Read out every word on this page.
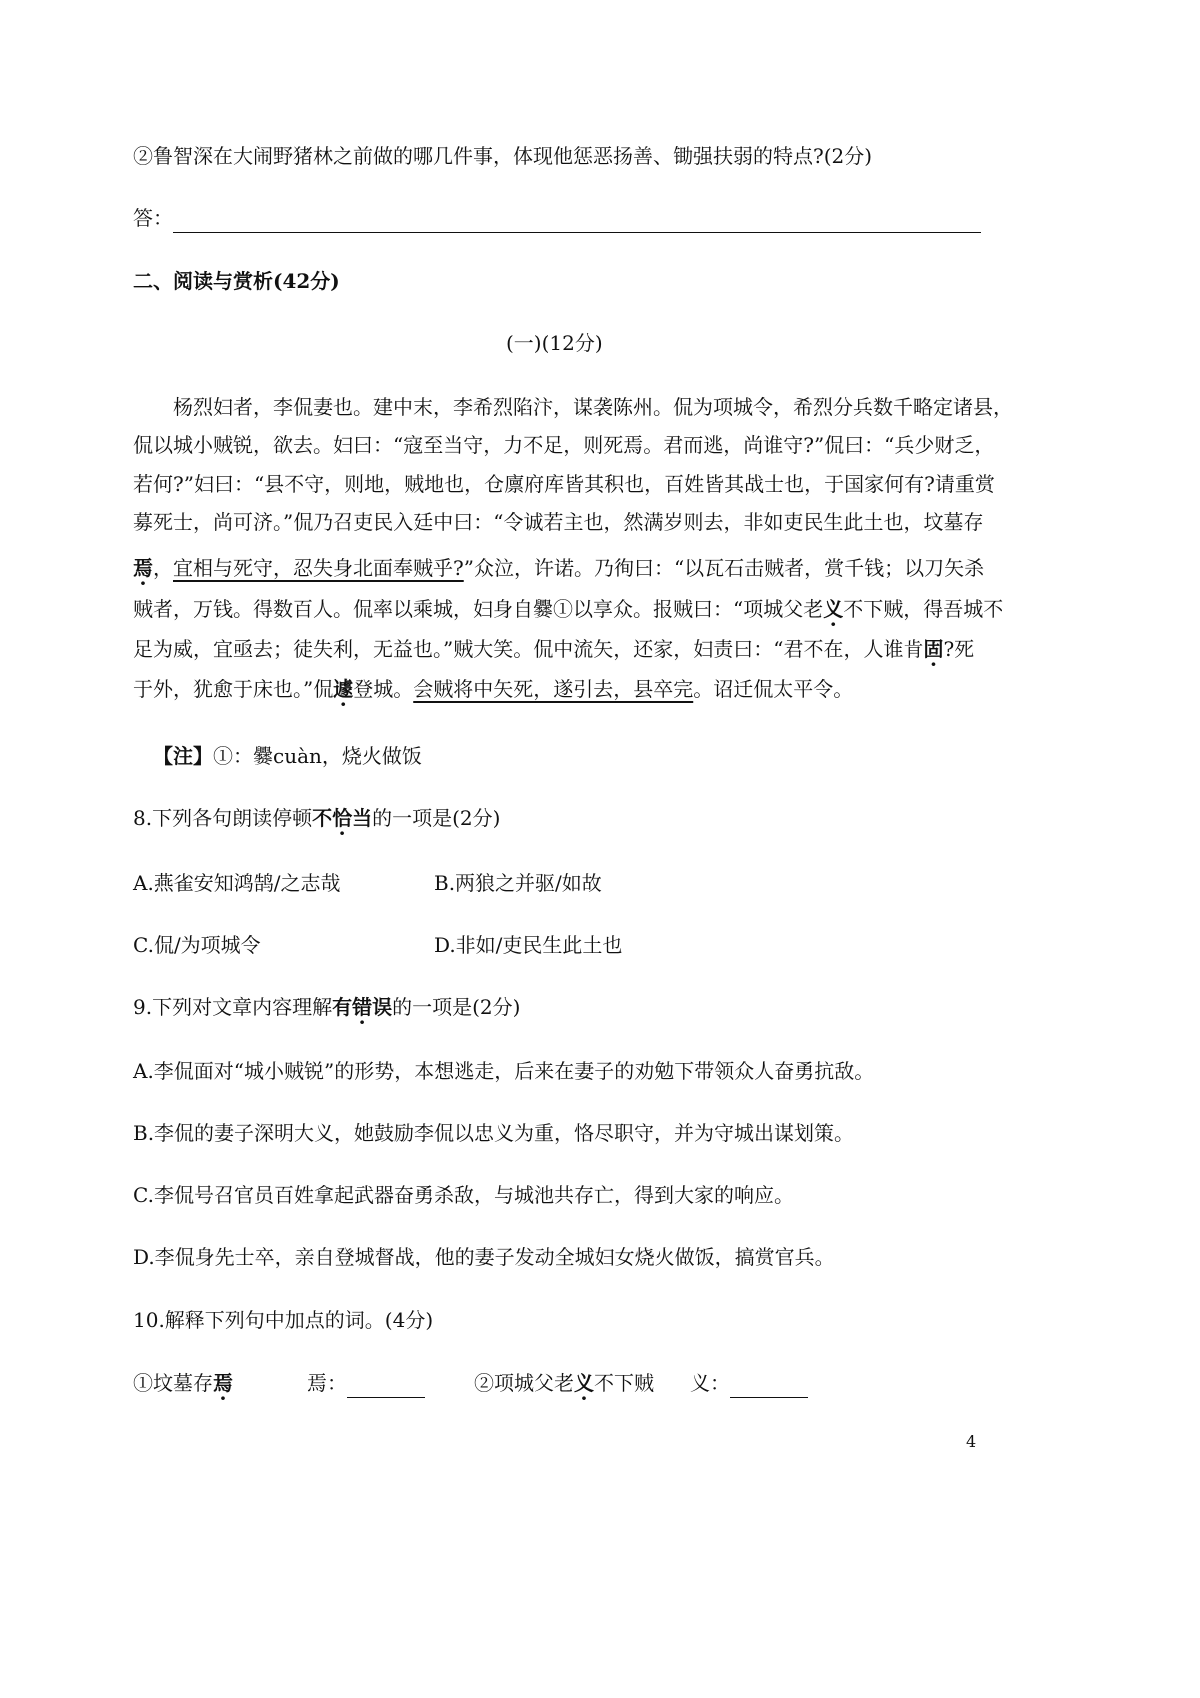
②鲁智深在大闹野猪林之前做的哪几件事，体现他惩恶扬善、锄强扶弱的特点?(2分)
答：
二、阅读与赏析(42分)
(一)(12分)
杨烈妇者，李侃妻也。建中末，李希烈陷汴，谋袭陈州。侃为项城令，希烈分兵数千略定诸县，
侃以城小贼锐，欲去。妇曰：“寇至当守，力不足，则死焉。君而逃，尚谁守?”侃曰：“兵少财乏，
若何?”妇曰：“县不守，则地，贼地也，仓廪府库皆其积也，百姓皆其战士也，于国家何有?请重赏
募死士，尚可济。”侃乃召吏民入廷中曰：“令诚若主也，然满岁则去，非如吏民生此土也，坟墓存
焉，宜相与死守，忍失身北面奉贼乎?”众泣，许诺。乃徇曰：“以瓦石击贼者，赏千钱；以刀矢杀
贼者，万钱。得数百人。侃率以乘城，妇身自爨①以享众。报贼曰：“项城父老义不下贼，得吾城不
足为威，宜亟去；徒失利，无益也。”贼大笑。侃中流矢，还家，妇责曰：“君不在，人谁肯固?死
于外，犹愈于床也。”侃遽登城。会贼将中矢死，遂引去，县卒完。诏迁侃太平令。
【注】①：爨cuàn，烧火做饭
8.下列各句朗读停顿不恰当的一项是(2分)
A.燕雀安知鸿鹄/之志哉	B.两狼之并驱/如故
C.侃/为项城令	D.非如/吏民生此土也
9.下列对文章内容理解有错误的一项是(2分)
A.李侃面对“城小贼锐”的形势，本想逃走，后来在妻子的劝勉下带领众人奋勇抗敌。
B.李侃的妻子深明大义，她鼓励李侃以忠义为重，恪尽职守，并为守城出谋划策。
C.李侃号召官员百姓拿起武器奋勇杀敌，与城池共存亡，得到大家的响应。
D.李侃身先士卒，亲自登城督战，他的妻子发动全城妇女烧火做饭，搞赏官兵。
10.解释下列句中加点的词。(4分)
①坟墓存焉	焉：	②项城父老义不下贼 义：
4
